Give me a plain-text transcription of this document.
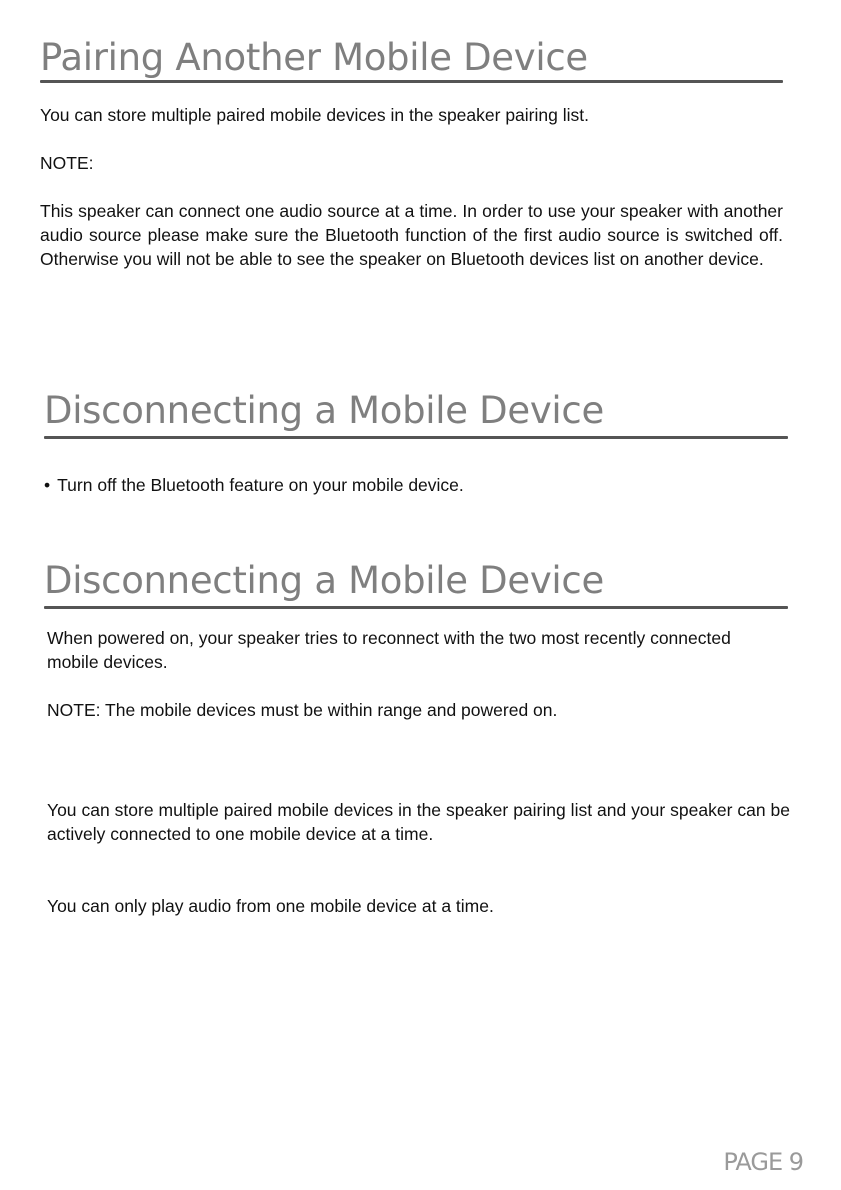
Pairing Another Mobile Device

You can store multiple paired mobile devices in the speaker pairing list.

NOTE:

This speaker can connect one audio source at a time. In order to use your speaker with another audio source please make sure the Bluetooth function of the first audio source is switched off. Otherwise you will not be able to see the speaker on Bluetooth devices list on another device.

Disconnecting a Mobile Device
• Turn off the Bluetooth feature on your mobile device.
Disconnecting a Mobile Device

When powered on, your speaker tries to reconnect with the two most recently connected mobile devices.

NOTE: The mobile devices must be within range and powered on.

You can store multiple paired mobile devices in the speaker pairing list and your speaker can be actively connected to one mobile device at a time.

You can only play audio from one mobile device at a time.

PAGE 9
